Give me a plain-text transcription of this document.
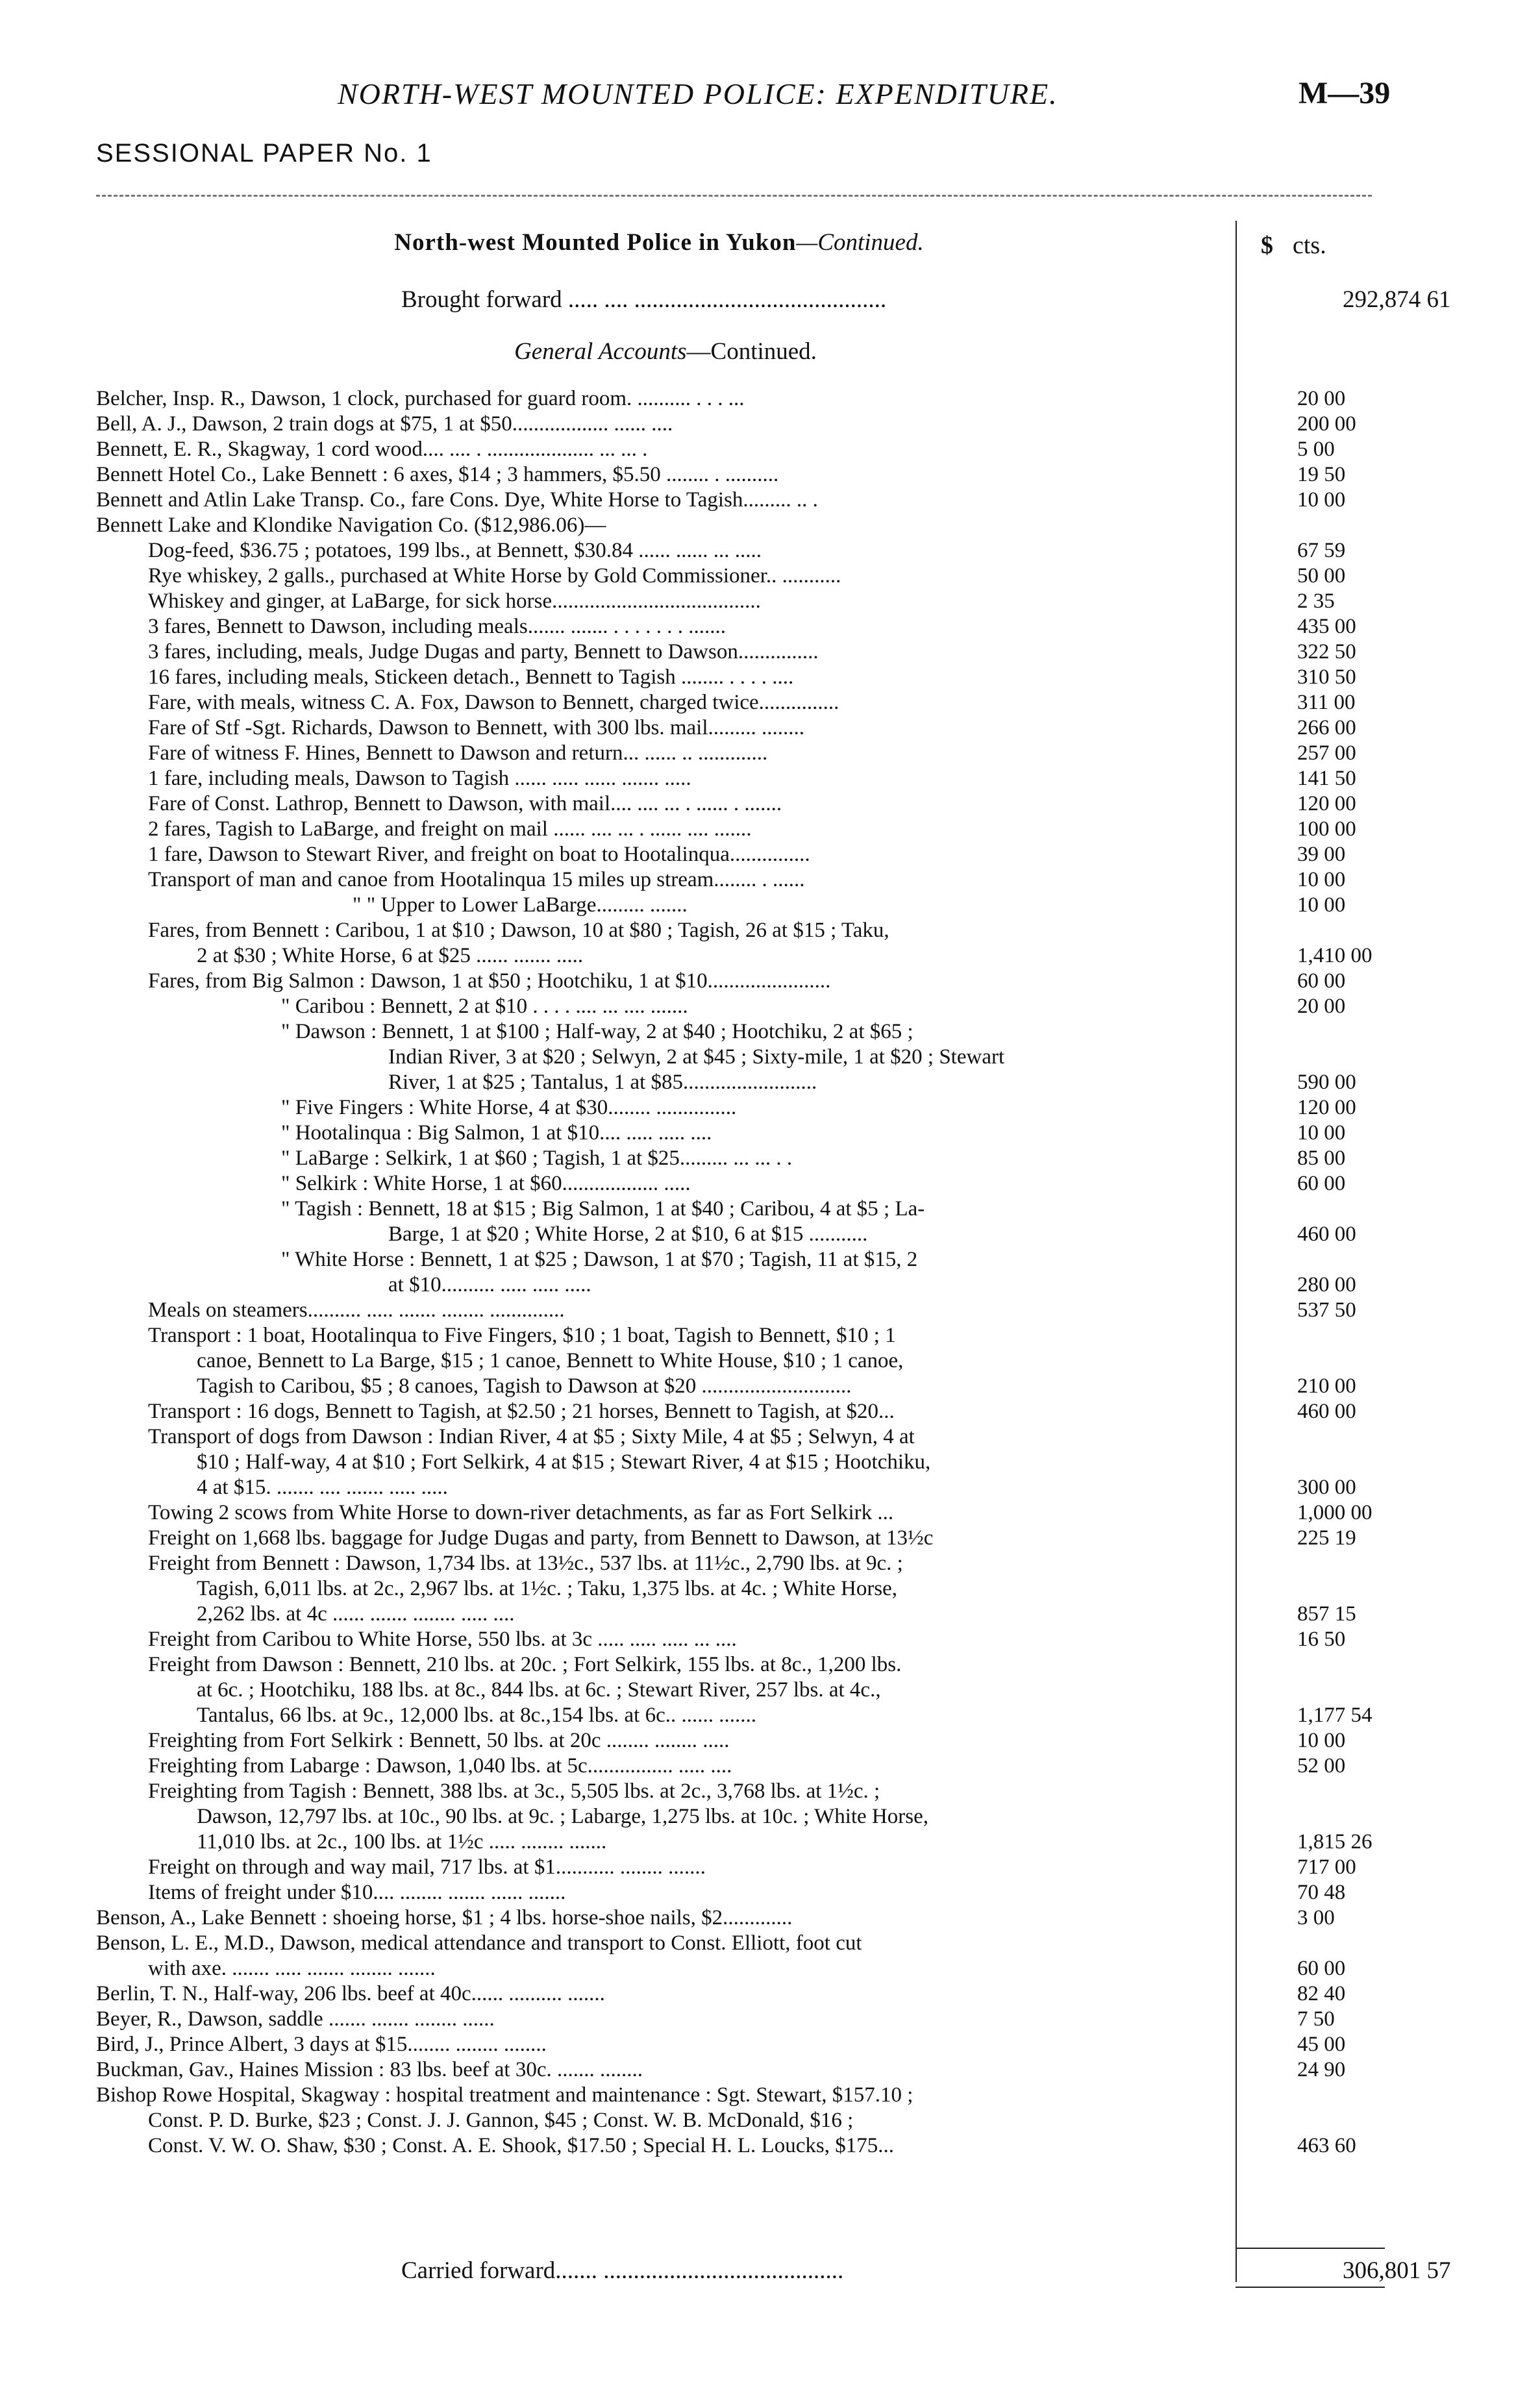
NORTH-WEST MOUNTED POLICE: EXPENDITURE.	M—39
SESSIONAL PAPER No. 1
North-west Mounted Police in Yukon—Continued.	$ cts.
Brought forward ..... .... ..........................................	292,874 61
General Accounts—Continued.
Belcher, Insp. R., Dawson, 1 clock, purchased for guard room. .......... . . . ...	20 00
Bell, A. J., Dawson, 2 train dogs at $75, 1 at $50.................. ...... ....	200 00
Bennett, E. R., Skagway, 1 cord wood.... .... . .................... ... ... .	5 00
Bennett Hotel Co., Lake Bennett : 6 axes, $14 ; 3 hammers, $5.50 ........ . ..........	19 50
Bennett and Atlin Lake Transp. Co., fare Cons. Dye, White Horse to Tagish......... .. .	10 00
Bennett Lake and Klondike Navigation Co. ($12,986.06)—
Dog-feed, $36.75 ; potatoes, 199 lbs., at Bennett, $30.84 ...... ...... ... .....	67 59
Rye whiskey, 2 galls., purchased at White Horse by Gold Commissioner.. ...........	50 00
Whiskey and ginger, at LaBarge, for sick horse.......................................	2 35
3 fares, Bennett to Dawson, including meals....... ....... . . . . . . . .......	435 00
3 fares, including, meals, Judge Dugas and party, Bennett to Dawson...............	322 50
16 fares, including meals, Stickeen detach., Bennett to Tagish ........ . . . . ....	310 50
Fare, with meals, witness C. A. Fox, Dawson to Bennett, charged twice...............	311 00
Fare of Stf -Sgt. Richards, Dawson to Bennett, with 300 lbs. mail......... ........	266 00
Fare of witness F. Hines, Bennett to Dawson and return... ...... .. .............	257 00
1 fare, including meals, Dawson to Tagish ...... ..... ...... ....... .....	141 50
Fare of Const. Lathrop, Bennett to Dawson, with mail.... .... ... . ...... . .......	120 00
2 fares, Tagish to LaBarge, and freight on mail ...... .... ... . ...... .... .......	100 00
1 fare, Dawson to Stewart River, and freight on boat to Hootalinqua...............	39 00
Transport of man and canoe from Hootalinqua 15 miles up stream........ . ......	10 00
" " Upper to Lower LaBarge......... .......	10 00
Fares, from Bennett : Caribou, 1 at $10 ; Dawson, 10 at $80 ; Tagish, 26 at $15 ; Taku,
2 at $30 ; White Horse, 6 at $25 ...... ....... .....	1,410 00
Fares, from Big Salmon : Dawson, 1 at $50 ; Hootchiku, 1 at $10.......................	60 00
" Caribou : Bennett, 2 at $10 . . . . .... ... .... .......	20 00
" Dawson : Bennett, 1 at $100 ; Half-way, 2 at $40 ; Hootchiku, 2 at $65 ;
Indian River, 3 at $20 ; Selwyn, 2 at $45 ; Sixty-mile, 1 at $20 ; Stewart
River, 1 at $25 ; Tantalus, 1 at $85.........................	590 00
" Five Fingers : White Horse, 4 at $30........ ...............	120 00
" Hootalinqua : Big Salmon, 1 at $10.... ..... ..... ....	10 00
" LaBarge : Selkirk, 1 at $60 ; Tagish, 1 at $25......... ... ... . .	85 00
" Selkirk : White Horse, 1 at $60.................. .....	60 00
" Tagish : Bennett, 18 at $15 ; Big Salmon, 1 at $40 ; Caribou, 4 at $5 ; La-
Barge, 1 at $20 ; White Horse, 2 at $10, 6 at $15 ...........	460 00
" White Horse : Bennett, 1 at $25 ; Dawson, 1 at $70 ; Tagish, 11 at $15, 2
at $10.......... ..... ..... .....	280 00
Meals on steamers.......... ..... ....... ........ ..............	537 50
Transport : 1 boat, Hootalinqua to Five Fingers, $10 ; 1 boat, Tagish to Bennett, $10 ; 1
canoe, Bennett to La Barge, $15 ; 1 canoe, Bennett to White House, $10 ; 1 canoe,
Tagish to Caribou, $5 ; 8 canoes, Tagish to Dawson at $20 ............................	210 00
Transport : 16 dogs, Bennett to Tagish, at $2.50 ; 21 horses, Bennett to Tagish, at $20...	460 00
Transport of dogs from Dawson : Indian River, 4 at $5 ; Sixty Mile, 4 at $5 ; Selwyn, 4 at
$10 ; Half-way, 4 at $10 ; Fort Selkirk, 4 at $15 ; Stewart River, 4 at $15 ; Hootchiku,
4 at $15. ....... .... ....... ..... .....	300 00
Towing 2 scows from White Horse to down-river detachments, as far as Fort Selkirk ...	1,000 00
Freight on 1,668 lbs. baggage for Judge Dugas and party, from Bennett to Dawson, at 13½c	225 19
Freight from Bennett : Dawson, 1,734 lbs. at 13½c., 537 lbs. at 11½c., 2,790 lbs. at 9c. ;
Tagish, 6,011 lbs. at 2c., 2,967 lbs. at 1½c. ; Taku, 1,375 lbs. at 4c. ; White Horse,
2,262 lbs. at 4c ...... ....... ........ ..... ....	857 15
Freight from Caribou to White Horse, 550 lbs. at 3c ..... ..... ..... ... ....	16 50
Freight from Dawson : Bennett, 210 lbs. at 20c. ; Fort Selkirk, 155 lbs. at 8c., 1,200 lbs.
at 6c. ; Hootchiku, 188 lbs. at 8c., 844 lbs. at 6c. ; Stewart River, 257 lbs. at 4c.,
Tantalus, 66 lbs. at 9c., 12,000 lbs. at 8c.,154 lbs. at 6c.. ...... .......	1,177 54
Freighting from Fort Selkirk : Bennett, 50 lbs. at 20c ........ ........ .....	10 00
Freighting from Labarge : Dawson, 1,040 lbs. at 5c................ ..... ....	52 00
Freighting from Tagish : Bennett, 388 lbs. at 3c., 5,505 lbs. at 2c., 3,768 lbs. at 1½c. ;
Dawson, 12,797 lbs. at 10c., 90 lbs. at 9c. ; Labarge, 1,275 lbs. at 10c. ; White Horse,
11,010 lbs. at 2c., 100 lbs. at 1½c ..... ........ .......	1,815 26
Freight on through and way mail, 717 lbs. at $1........... ........ .......	717 00
Items of freight under $10.... ........ ....... ...... .......	70 48
Benson, A., Lake Bennett : shoeing horse, $1 ; 4 lbs. horse-shoe nails, $2.............	3 00
Benson, L. E., M.D., Dawson, medical attendance and transport to Const. Elliott, foot cut
with axe. ....... ..... ....... ........ .......	60 00
Berlin, T. N., Half-way, 206 lbs. beef at 40c...... .......... .......	82 40
Beyer, R., Dawson, saddle ....... ....... ........ ......	7 50
Bird, J., Prince Albert, 3 days at $15........ ........ ........	45 00
Buckman, Gav., Haines Mission : 83 lbs. beef at 30c. ....... ........	24 90
Bishop Rowe Hospital, Skagway : hospital treatment and maintenance : Sgt. Stewart, $157.10 ;
Const. P. D. Burke, $23 ; Const. J. J. Gannon, $45 ; Const. W. B. McDonald, $16 ;
Const. V. W. O. Shaw, $30 ; Const. A. E. Shook, $17.50 ; Special H. L. Loucks, $175...	463 60
Carried forward....... ........................................	306,801 57
